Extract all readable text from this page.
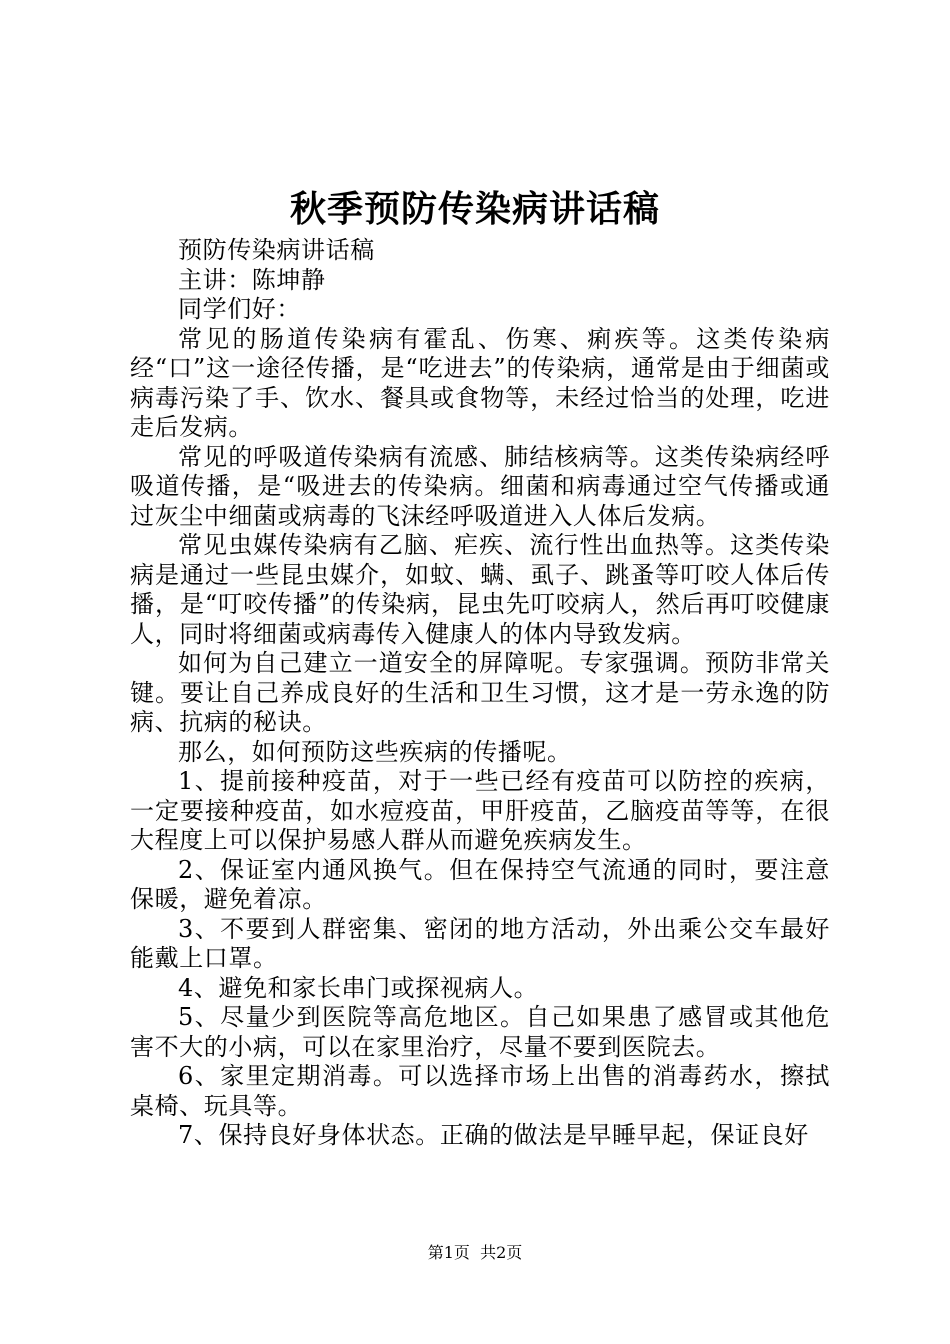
秋季预防传染病讲话稿

预防传染病讲话稿

主讲：陈坤静

同学们好：

常见的肠道传染病有霍乱、伤寒、痢疾等。这类传染病经“口”这一途径传播，是“吃进去”的传染病，通常是由于细菌或病毒污染了手、饮水、餐具或食物等，未经过恰当的处理，吃进走后发病。

常见的呼吸道传染病有流感、肺结核病等。这类传染病经呼吸道传播，是“吸进去的传染病。细菌和病毒通过空气传播或通过灰尘中细菌或病毒的飞沫经呼吸道进入人体后发病。

常见虫媒传染病有乙脑、疟疾、流行性出血热等。这类传染病是通过一些昆虫媒介，如蚊、螨、虱子、跳蚤等叮咬人体后传播，是“叮咬传播”的传染病，昆虫先叮咬病人，然后再叮咬健康人，同时将细菌或病毒传入健康人的体内导致发病。

如何为自己建立一道安全的屏障呢。专家强调。预防非常关键。要让自己养成良好的生活和卫生习惯，这才是一劳永逸的防病、抗病的秘诀。

那么，如何预防这些疾病的传播呢。

1、提前接种疫苗，对于一些已经有疫苗可以防控的疾病，一定要接种疫苗，如水痘疫苗，甲肝疫苗，乙脑疫苗等等，在很大程度上可以保护易感人群从而避免疾病发生。

2、保证室内通风换气。但在保持空气流通的同时，要注意保暖，避免着凉。

3、不要到人群密集、密闭的地方活动，外出乘公交车最好能戴上口罩。

4、避免和家长串门或探视病人。

5、尽量少到医院等高危地区。自己如果患了感冒或其他危害不大的小病，可以在家里治疗，尽量不要到医院去。

6、家里定期消毒。可以选择市场上出售的消毒药水，擦拭桌椅、玩具等。

7、保持良好身体状态。正确的做法是早睡早起，保证良好

第1页  共2页
